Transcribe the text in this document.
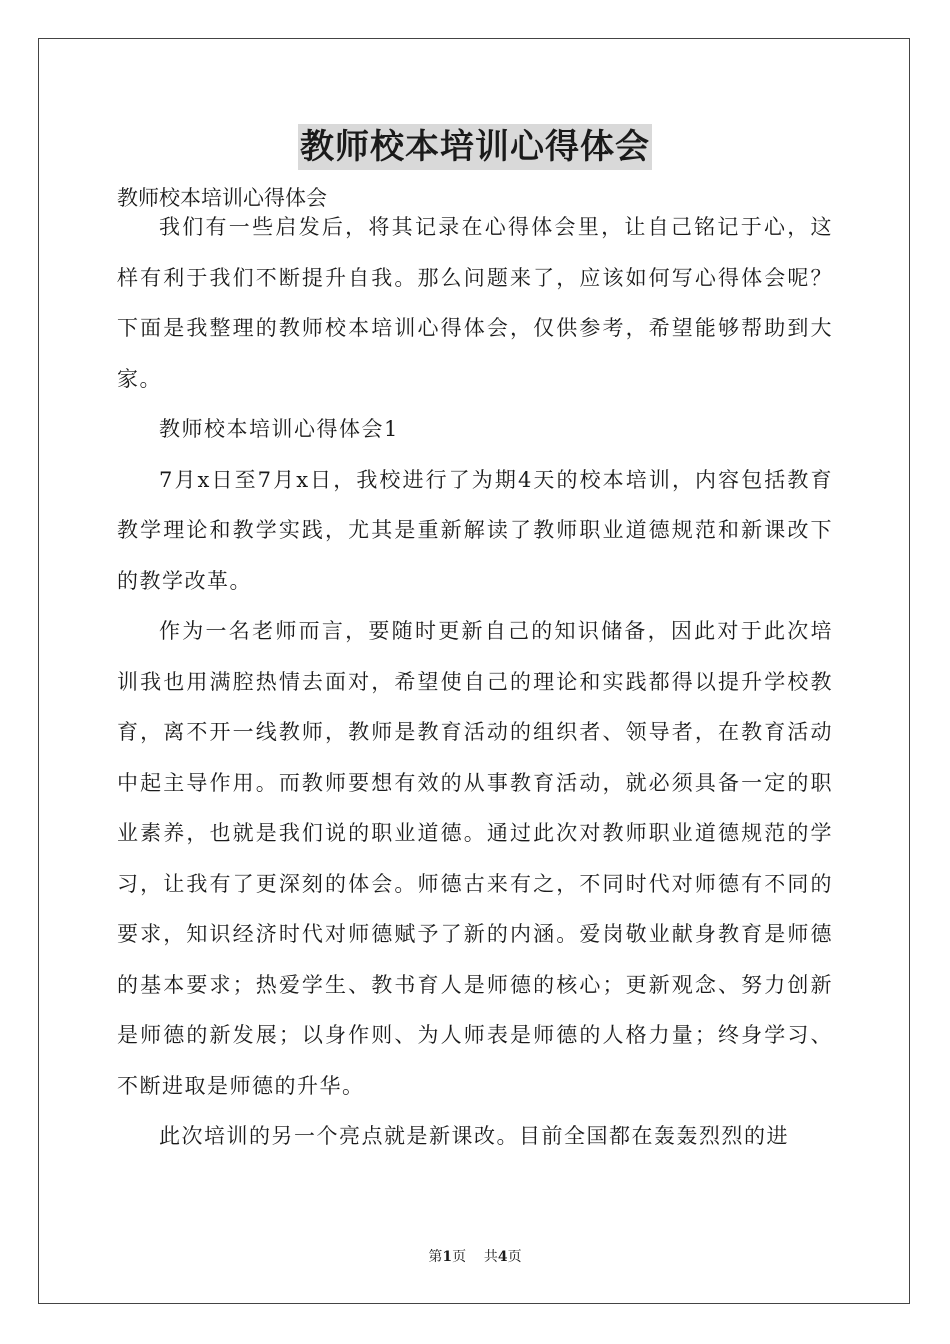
教师校本培训心得体会

教师校本培训心得体会

我们有一些启发后，将其记录在心得体会里，让自己铭记于心，这样有利于我们不断提升自我。那么问题来了，应该如何写心得体会呢？下面是我整理的教师校本培训心得体会，仅供参考，希望能够帮助到大家。

教师校本培训心得体会1

7月x日至7月x日，我校进行了为期4天的校本培训，内容包括教育教学理论和教学实践，尤其是重新解读了教师职业道德规范和新课改下的教学改革。

作为一名老师而言，要随时更新自己的知识储备，因此对于此次培训我也用满腔热情去面对，希望使自己的理论和实践都得以提升学校教育，离不开一线教师，教师是教育活动的组织者、领导者，在教育活动中起主导作用。而教师要想有效的从事教育活动，就必须具备一定的职业素养，也就是我们说的职业道德。通过此次对教师职业道德规范的学习，让我有了更深刻的体会。师德古来有之，不同时代对师德有不同的要求，知识经济时代对师德赋予了新的内涵。爱岗敬业献身教育是师德的基本要求；热爱学生、教书育人是师德的核心；更新观念、努力创新是师德的新发展；以身作则、为人师表是师德的人格力量；终身学习、不断进取是师德的升华。

此次培训的另一个亮点就是新课改。目前全国都在轰轰烈烈的进

第1页 共4页
